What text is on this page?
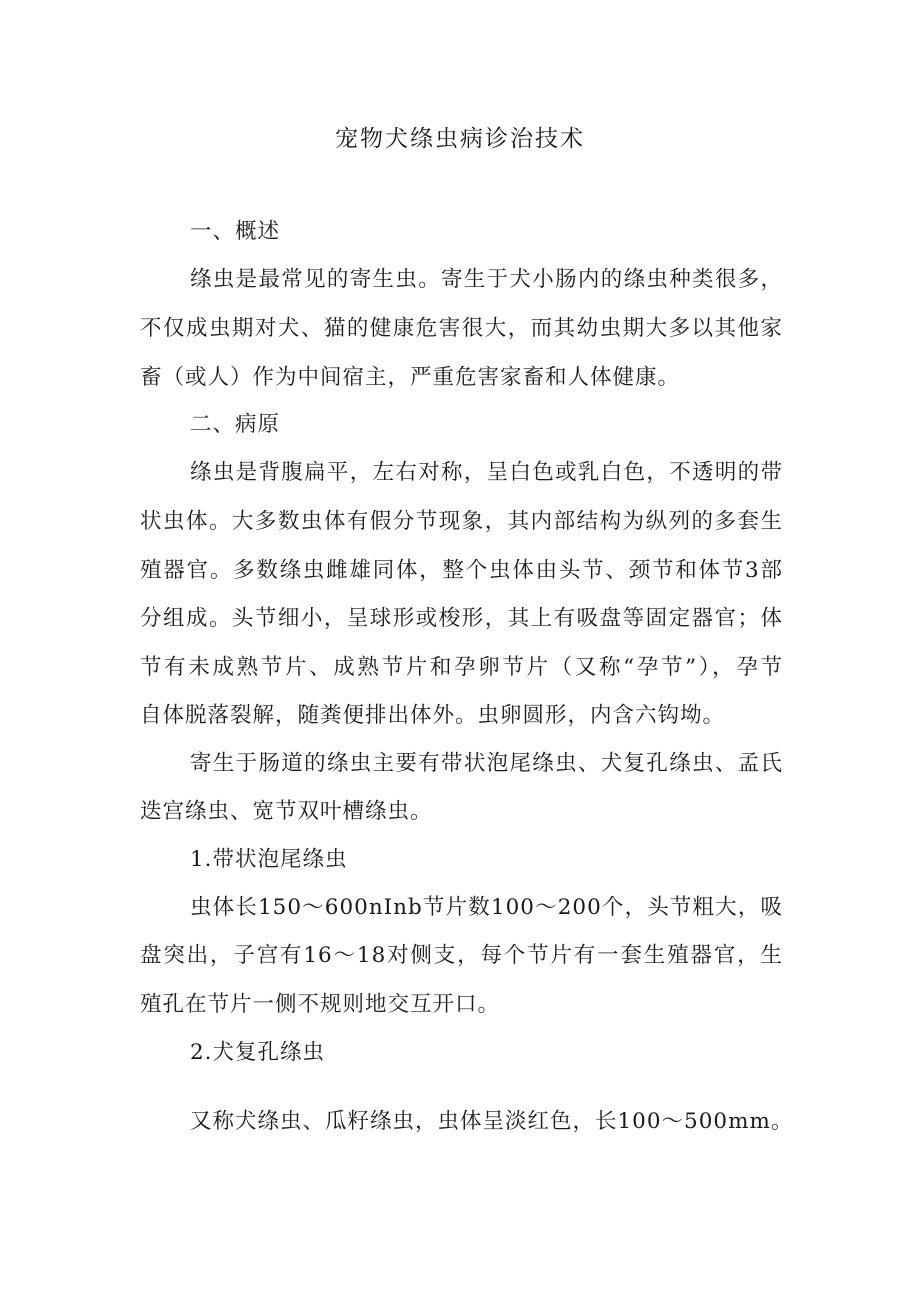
宠物犬绦虫病诊治技术
一、概述
绦虫是最常见的寄生虫。寄生于犬小肠内的绦虫种类很多，
不仅成虫期对犬、猫的健康危害很大，而其幼虫期大多以其他家
畜（或人）作为中间宿主，严重危害家畜和人体健康。
二、病原
绦虫是背腹扁平，左右对称，呈白色或乳白色，不透明的带
状虫体。大多数虫体有假分节现象，其内部结构为纵列的多套生
殖器官。多数绦虫雌雄同体，整个虫体由头节、颈节和体节3部
分组成。头节细小，呈球形或梭形，其上有吸盘等固定器官；体
节有未成熟节片、成熟节片和孕卵节片（又称“孕节”），孕节
自体脱落裂解，随粪便排出体外。虫卵圆形，内含六钩坳。
寄生于肠道的绦虫主要有带状泡尾绦虫、犬复孔绦虫、孟氏
迭宫绦虫、宽节双叶槽绦虫。
1.带状泡尾绦虫
虫体长150～600nInb节片数100～200个，头节粗大，吸
盘突出，子宫有16～18对侧支，每个节片有一套生殖器官，生
殖孔在节片一侧不规则地交互开口。
2.犬复孔绦虫
又称犬绦虫、瓜籽绦虫，虫体呈淡红色，长100～500mm。
